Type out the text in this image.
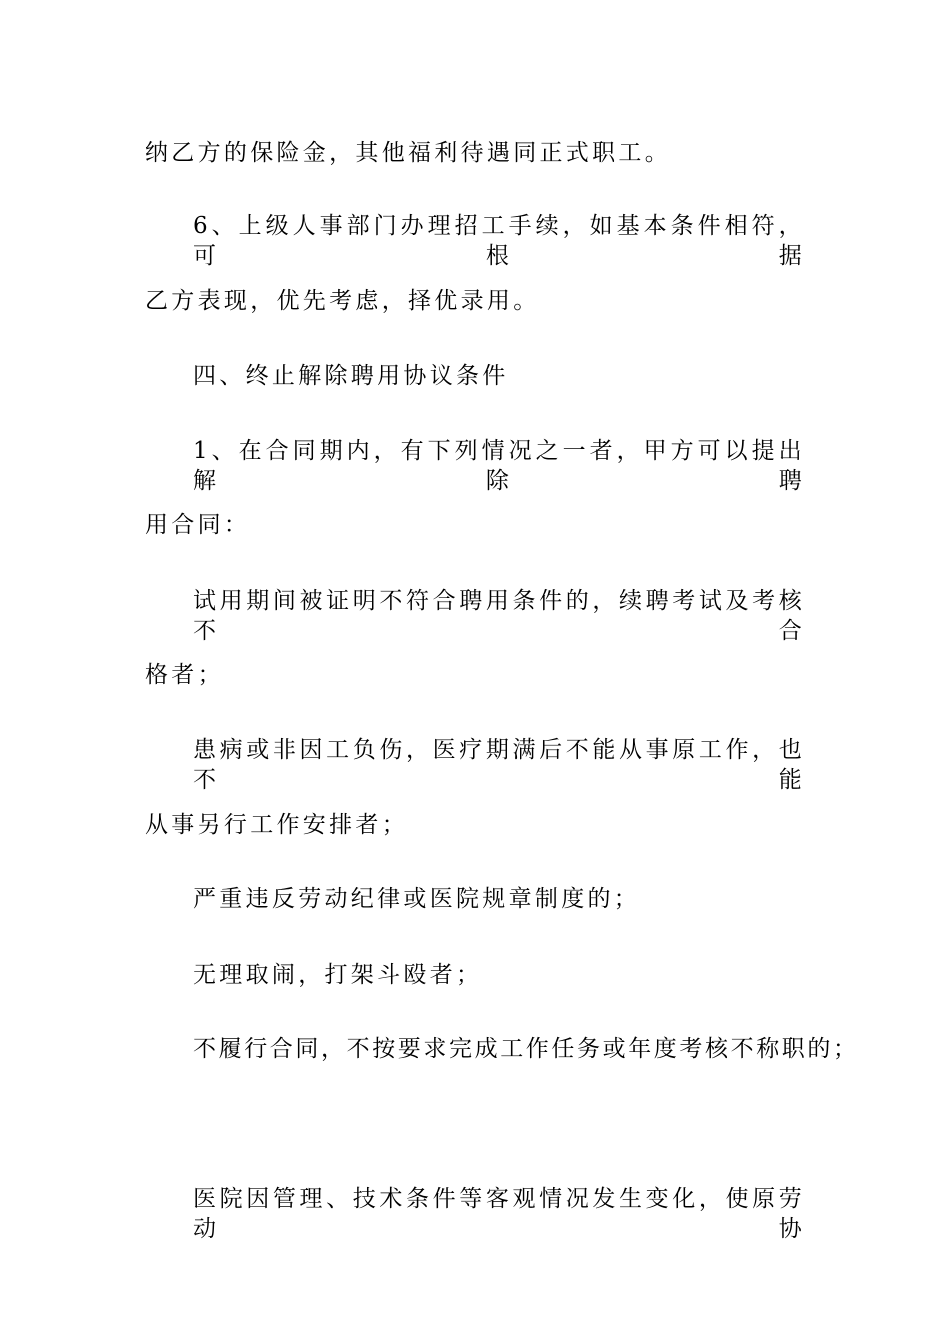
纳乙方的保险金，其他福利待遇同正式职工。
6、上级人事部门办理招工手续，如基本条件相符，可根据
乙方表现，优先考虑，择优录用。
四、终止解除聘用协议条件
1、在合同期内，有下列情况之一者，甲方可以提出解除聘
用合同：
试用期间被证明不符合聘用条件的，续聘考试及考核不合
格者；
患病或非因工负伤，医疗期满后不能从事原工作，也不能
从事另行工作安排者；
严重违反劳动纪律或医院规章制度的；
无理取闹，打架斗殴者；
不履行合同，不按要求完成工作任务或年度考核不称职的；
医院因管理、技术条件等客观情况发生变化，使原劳动协
